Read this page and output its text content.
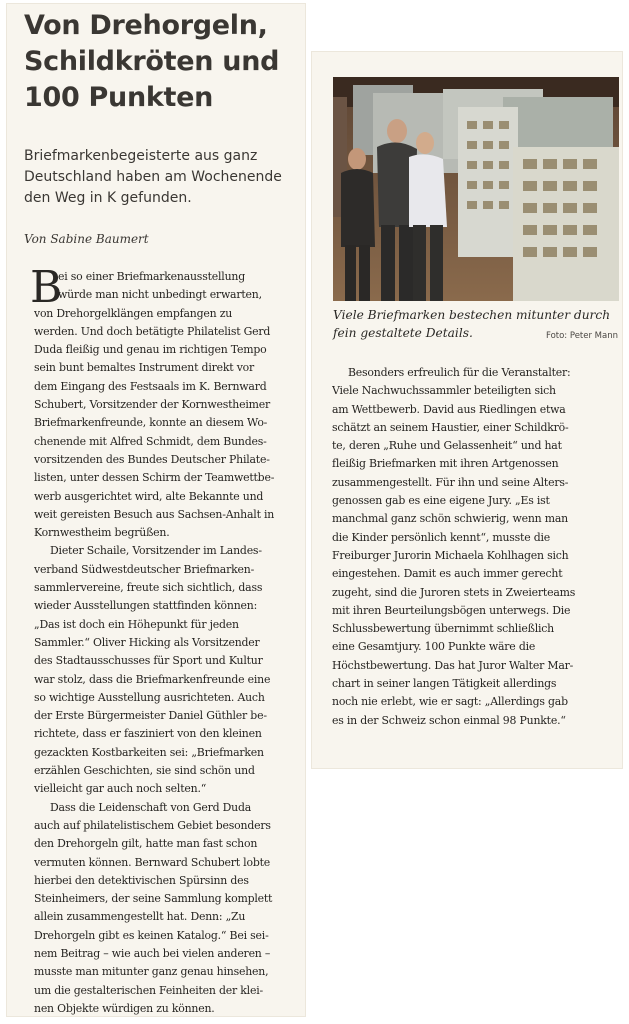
Von Drehorgeln,
Schildkröten und
100 Punkten
Briefmarkenbegeisterte aus ganz
Deutschland haben am Wochenende
den Weg in K gefunden.
Von Sabine Baumert
B
ei so einer Briefmarkenausstellung
würde man nicht unbedingt erwarten,
von Drehorgelklängen empfangen zu
werden. Und doch betätigte Philatelist Gerd
Duda fleißig und genau im richtigen Tempo
sein bunt bemaltes Instrument direkt vor
dem Eingang des Festsaals im K. Bernward
Schubert, Vorsitzender der Kornwestheimer
Briefmarkenfreunde, konnte an diesem Wo-
chenende mit Alfred Schmidt, dem Bundes-
vorsitzenden des Bundes Deutscher Philate-
listen, unter dessen Schirm der Teamwettbe-
werb ausgerichtet wird, alte Bekannte und
weit gereisten Besuch aus Sachsen-Anhalt in
Kornwestheim begrüßen.
Dieter Schaile, Vorsitzender im Landes-
verband Südwestdeutscher Briefmarken-
sammlervereine, freute sich sichtlich, dass
wieder Ausstellungen stattfinden können:
„Das ist doch ein Höhepunkt für jeden
Sammler.“ Oliver Hicking als Vorsitzender
des Stadtausschusses für Sport und Kultur
war stolz, dass die Briefmarkenfreunde eine
so wichtige Ausstellung ausrichteten. Auch
der Erste Bürgermeister Daniel Güthler be-
richtete, dass er fasziniert von den kleinen
gezackten Kostbarkeiten sei: „Briefmarken
erzählen Geschichten, sie sind schön und
vielleicht gar auch noch selten.“
Dass die Leidenschaft von Gerd Duda
auch auf philatelistischem Gebiet besonders
den Drehorgeln gilt, hatte man fast schon
vermuten können. Bernward Schubert lobte
hierbei den detektivischen Spürsinn des
Steinheimers, der seine Sammlung komplett
allein zusammengestellt hat. Denn: „Zu
Drehorgeln gibt es keinen Katalog.“ Bei sei-
nem Beitrag – wie auch bei vielen anderen –
musste man mitunter ganz genau hinsehen,
um die gestalterischen Feinheiten der klei-
nen Objekte würdigen zu können.
Viele Briefmarken bestechen mitunter durch
fein gestaltete Details.	Foto: Peter Mann
Besonders erfreulich für die Veranstalter:
Viele Nachwuchssammler beteiligten sich
am Wettbewerb. David aus Riedlingen etwa
schätzt an seinem Haustier, einer Schildkrö-
te, deren „Ruhe und Gelassenheit“ und hat
fleißig Briefmarken mit ihren Artgenossen
zusammengestellt. Für ihn und seine Alters-
genossen gab es eine eigene Jury. „Es ist
manchmal ganz schön schwierig, wenn man
die Kinder persönlich kennt“, musste die
Freiburger Jurorin Michaela Kohlhagen sich
eingestehen. Damit es auch immer gerecht
zugeht, sind die Juroren stets in Zweierteams
mit ihren Beurteilungsbögen unterwegs. Die
Schlussbewertung übernimmt schließlich
eine Gesamtjury. 100 Punkte wäre die
Höchstbewertung. Das hat Juror Walter Mar-
chart in seiner langen Tätigkeit allerdings
noch nie erlebt, wie er sagt: „Allerdings gab
es in der Schweiz schon einmal 98 Punkte.“
